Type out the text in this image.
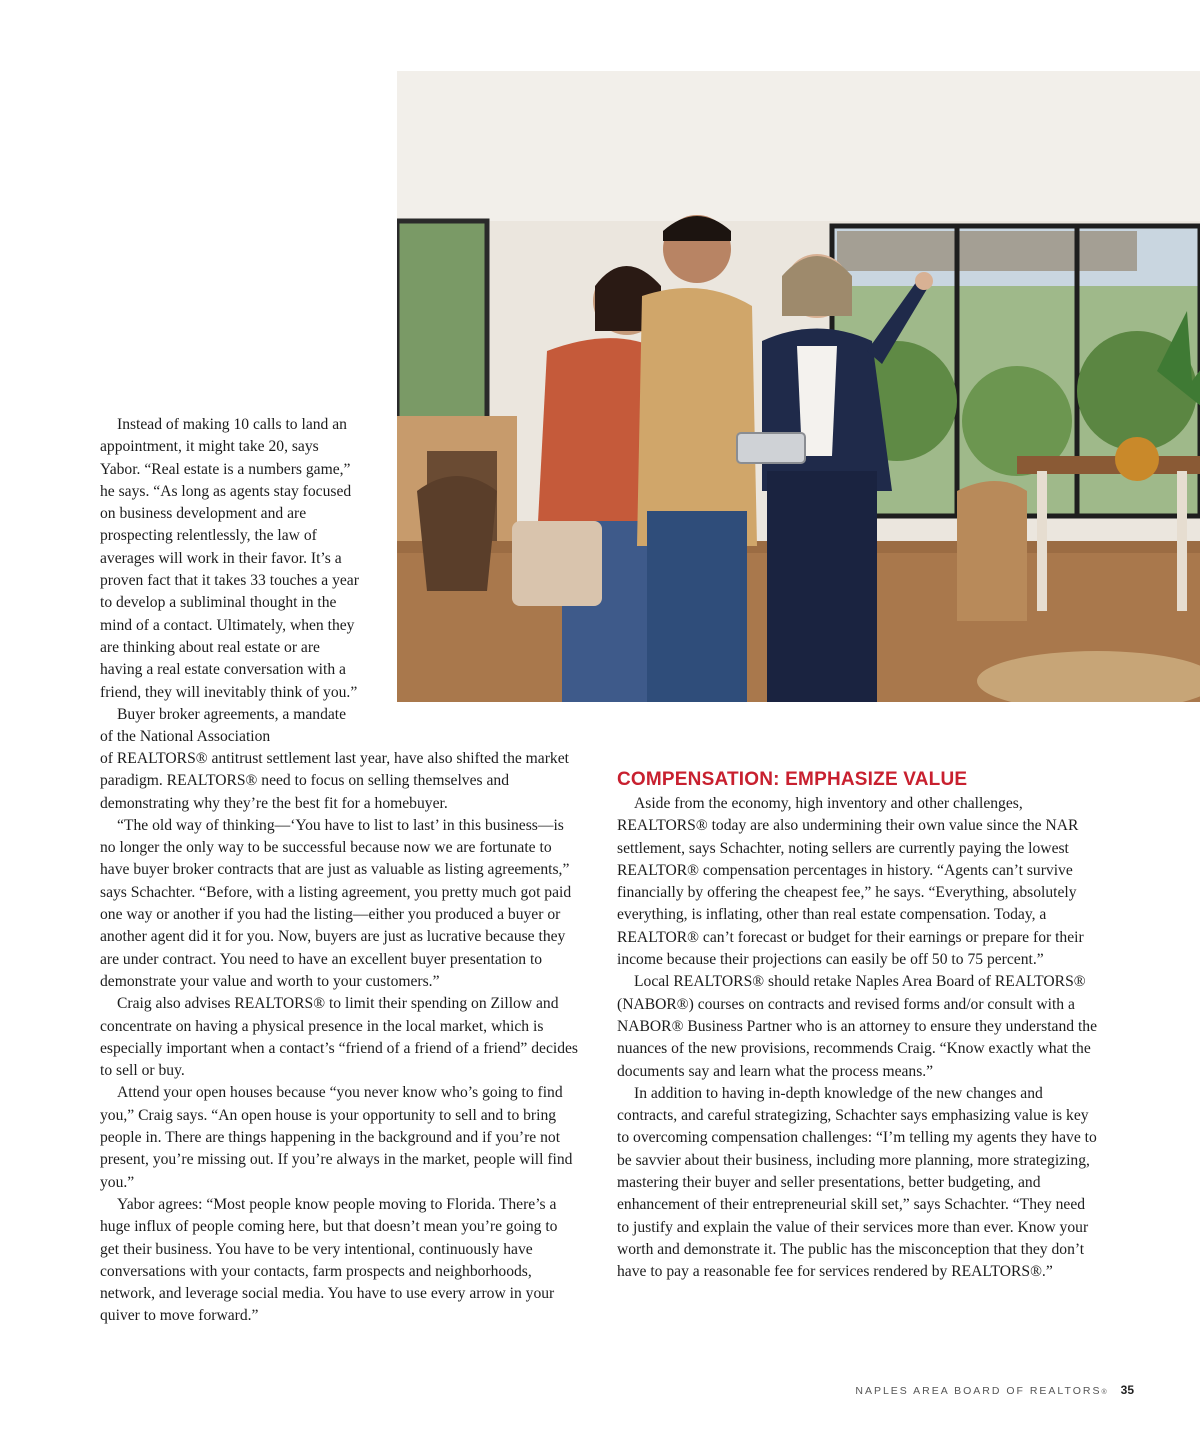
Instead of making 10 calls to land an appointment, it might take 20, says Yabor. “Real estate is a numbers game,” he says. “As long as agents stay focused on business development and are prospecting relentlessly, the law of averages will work in their favor. It’s a proven fact that it takes 33 touches a year to develop a subliminal thought in the mind of a contact. Ultimately, when they are thinking about real estate or are having a real estate conversation with a friend, they will inevitably think of you.”

Buyer broker agreements, a mandate of the National Association

of REALTORS® antitrust settlement last year, have also shifted the market paradigm. REALTORS® need to focus on selling themselves and demonstrating why they’re the best fit for a homebuyer.

“The old way of thinking—‘You have to list to last’ in this business—is no longer the only way to be successful because now we are fortunate to have buyer broker contracts that are just as valuable as listing agreements,” says Schachter. “Before, with a listing agreement, you pretty much got paid one way or another if you had the listing—either you produced a buyer or another agent did it for you. Now, buyers are just as lucrative because they are under contract. You need to have an excellent buyer presentation to demonstrate your value and worth to your customers.”

Craig also advises REALTORS® to limit their spending on Zillow and concentrate on having a physical presence in the local market, which is especially important when a contact’s “friend of a friend of a friend” decides to sell or buy.

Attend your open houses because “you never know who’s going to find you,” Craig says. “An open house is your opportunity to sell and to bring people in. There are things happening in the background and if you’re not present, you’re missing out. If you’re always in the market, people will find you.”

Yabor agrees: “Most people know people moving to Florida. There’s a huge influx of people coming here, but that doesn’t mean you’re going to get their business. You have to be very intentional, continuously have conversations with your contacts, farm prospects and neighborhoods, network, and leverage social media. You have to use every arrow in your quiver to move forward.”

COMPENSATION: EMPHASIZE VALUE

Aside from the economy, high inventory and other challenges, REALTORS® today are also undermining their own value since the NAR settlement, says Schachter, noting sellers are currently paying the lowest REALTOR® compensation percentages in history. “Agents can’t survive financially by offering the cheapest fee,” he says. “Everything, absolutely everything, is inflating, other than real estate compensation. Today, a REALTOR® can’t forecast or budget for their earnings or prepare for their income because their projections can easily be off 50 to 75 percent.”

Local REALTORS® should retake Naples Area Board of REALTORS® (NABOR®) courses on contracts and revised forms and/or consult with a NABOR® Business Partner who is an attorney to ensure they understand the nuances of the new provisions, recommends Craig. “Know exactly what the documents say and learn what the process means.”

In addition to having in-depth knowledge of the new changes and contracts, and careful strategizing, Schachter says emphasizing value is key to overcoming compensation challenges: “I’m telling my agents they have to be savvier about their business, including more planning, more strategizing, mastering their buyer and seller presentations, better budgeting, and enhancement of their entrepreneurial skill set,” says Schachter. “They need to justify and explain the value of their services more than ever. Know your worth and demonstrate it. The public has the misconception that they don’t have to pay a reasonable fee for services rendered by REALTORS®.”

NAPLES AREA BOARD OF REALTORS ® 35
